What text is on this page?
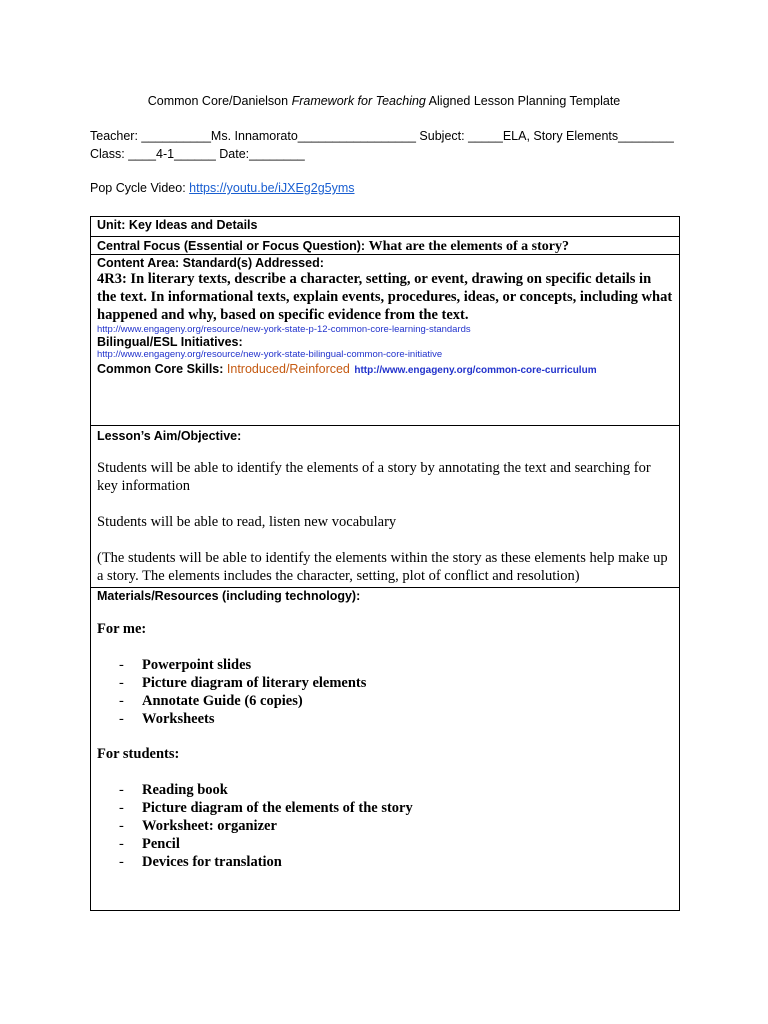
Common Core/Danielson Framework for Teaching Aligned Lesson Planning Template
Teacher: __________Ms. Innamorato_________________ Subject: _____ELA, Story Elements________
Class: ____4-1______ Date:________
Pop Cycle Video: https://youtu.be/iJXEg2g5yms
Unit: Key Ideas and Details
Central Focus (Essential or Focus Question): What are the elements of a story?
Content Area: Standard(s) Addressed:
4R3: In literary texts, describe a character, setting, or event, drawing on specific details in the text. In informational texts, explain events, procedures, ideas, or concepts, including what happened and why, based on specific evidence from the text.
http://www.engageny.org/resource/new-york-state-p-12-common-core-learning-standards
Bilingual/ESL Initiatives:
http://www.engageny.org/resource/new-york-state-bilingual-common-core-initiative
Common Core Skills: Introduced/Reinforced http://www.engageny.org/common-core-curriculum
Lesson’s Aim/Objective:

Students will be able to identify the elements of a story by annotating the text and searching for key information

Students will be able to read, listen new vocabulary

(The students will be able to identify the elements within the story as these elements help make up a story. The elements includes the character, setting, plot of conflict and resolution)

Materials/Resources (including technology):

For me:

- Powerpoint slides
- Picture diagram of literary elements
- Annotate Guide (6 copies)
- Worksheets

For students:

- Reading book
- Picture diagram of the elements of the story
- Worksheet: organizer
- Pencil
- Devices for translation
